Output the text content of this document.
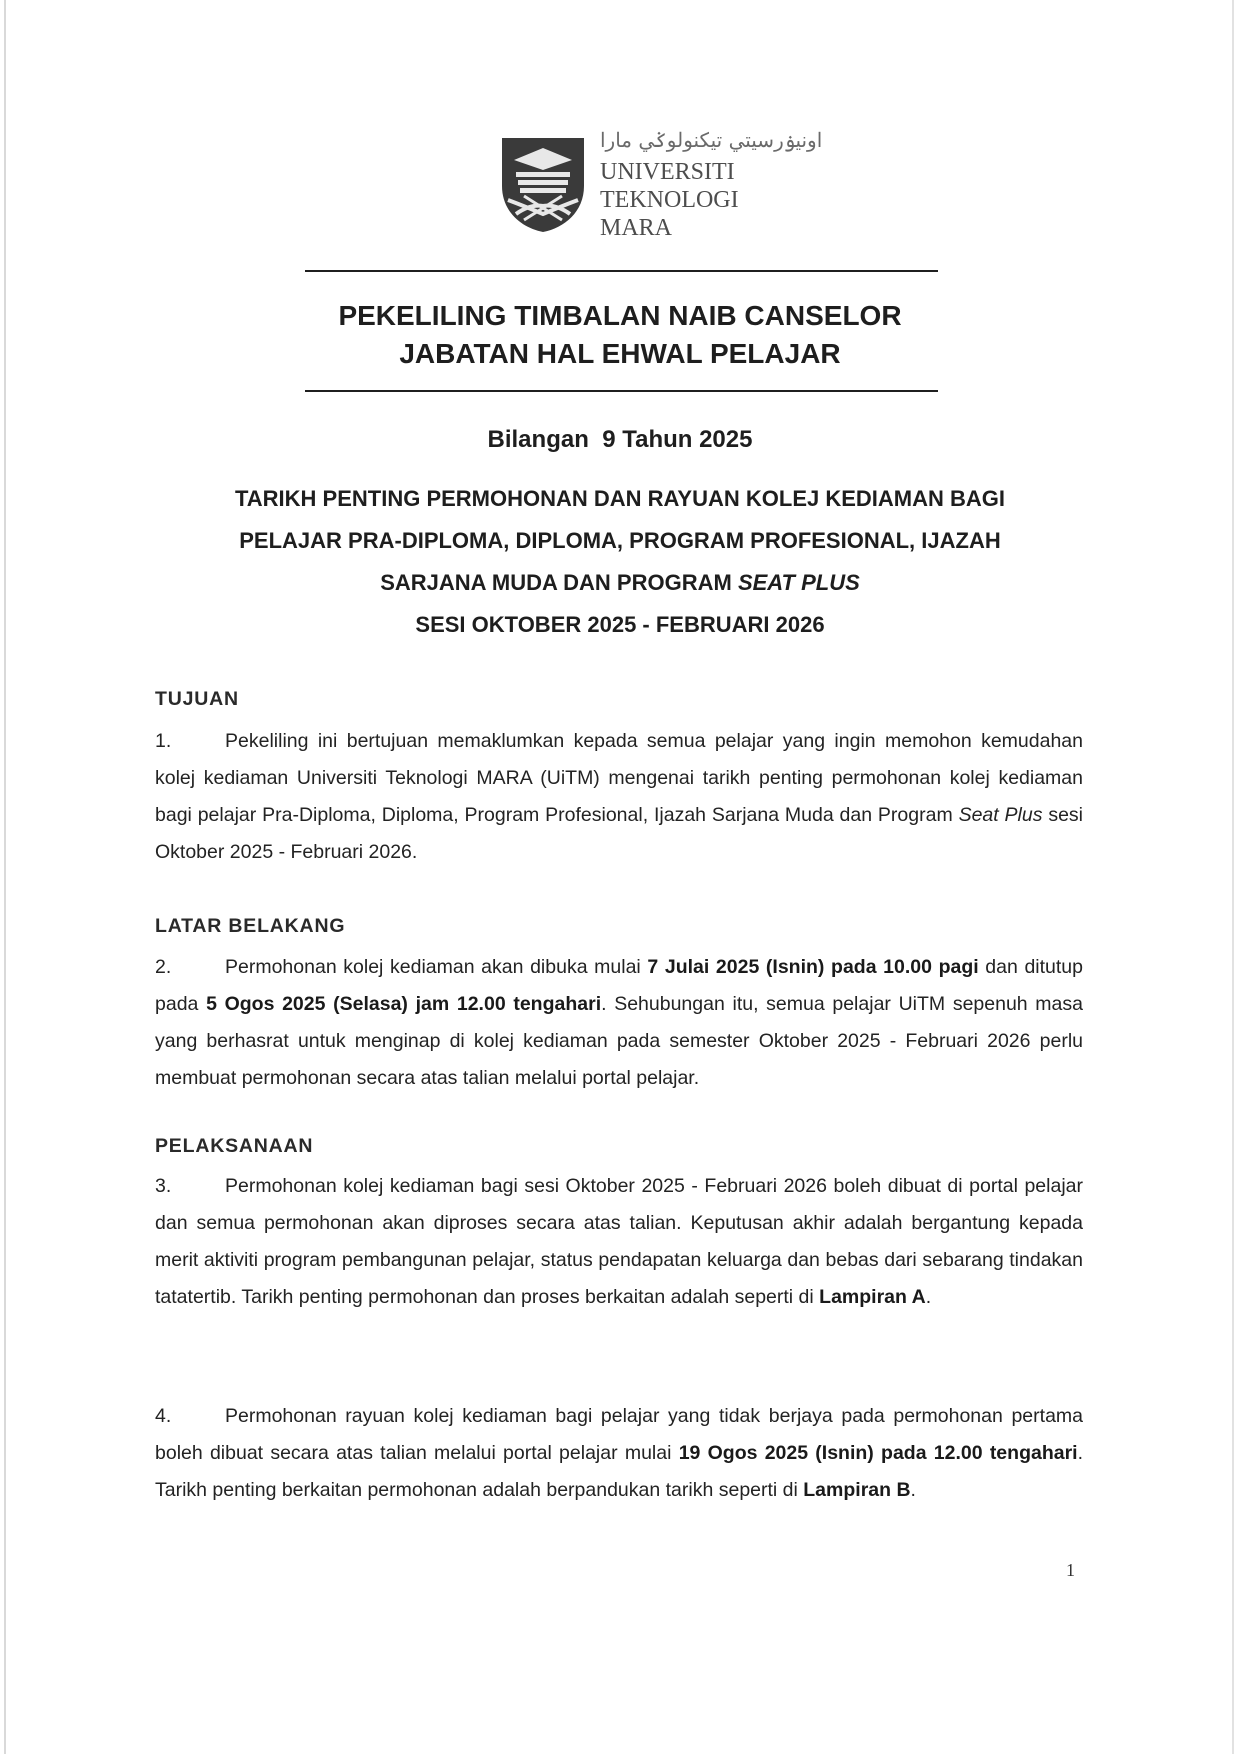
اونيۏرسيتي تيكنولوݢي مارا
UNIVERSITI
TEKNOLOGI
MARA
PEKELILING TIMBALAN NAIB CANSELOR
JABATAN HAL EHWAL PELAJAR
Bilangan  9 Tahun 2025
TARIKH PENTING PERMOHONAN DAN RAYUAN KOLEJ KEDIAMAN BAGI
PELAJAR PRA-DIPLOMA, DIPLOMA, PROGRAM PROFESIONAL, IJAZAH
SARJANA MUDA DAN PROGRAM SEAT PLUS
SESI OKTOBER 2025 - FEBRUARI 2026
TUJUAN
1.	Pekeliling ini bertujuan memaklumkan kepada semua pelajar yang ingin memohon kemudahan kolej kediaman Universiti Teknologi MARA (UiTM) mengenai tarikh penting permohonan kolej kediaman bagi pelajar Pra-Diploma, Diploma, Program Profesional, Ijazah Sarjana Muda dan Program Seat Plus sesi Oktober 2025 - Februari 2026.
LATAR BELAKANG
2.	Permohonan kolej kediaman akan dibuka mulai 7 Julai 2025 (Isnin) pada 10.00 pagi dan ditutup pada 5 Ogos 2025 (Selasa) jam 12.00 tengahari. Sehubungan itu, semua pelajar UiTM sepenuh masa yang berhasrat untuk menginap di kolej kediaman pada semester Oktober 2025 - Februari 2026 perlu membuat permohonan secara atas talian melalui portal pelajar.
PELAKSANAAN
3.	Permohonan kolej kediaman bagi sesi Oktober 2025 - Februari 2026 boleh dibuat di portal pelajar dan semua permohonan akan diproses secara atas talian. Keputusan akhir adalah bergantung kepada merit aktiviti program pembangunan pelajar, status pendapatan keluarga dan bebas dari sebarang tindakan tatatertib. Tarikh penting permohonan dan proses berkaitan adalah seperti di Lampiran A.
4.	Permohonan rayuan kolej kediaman bagi pelajar yang tidak berjaya pada permohonan pertama boleh dibuat secara atas talian melalui portal pelajar mulai 19 Ogos 2025 (Isnin) pada 12.00 tengahari. Tarikh penting berkaitan permohonan adalah berpandukan tarikh seperti di Lampiran B.
1
